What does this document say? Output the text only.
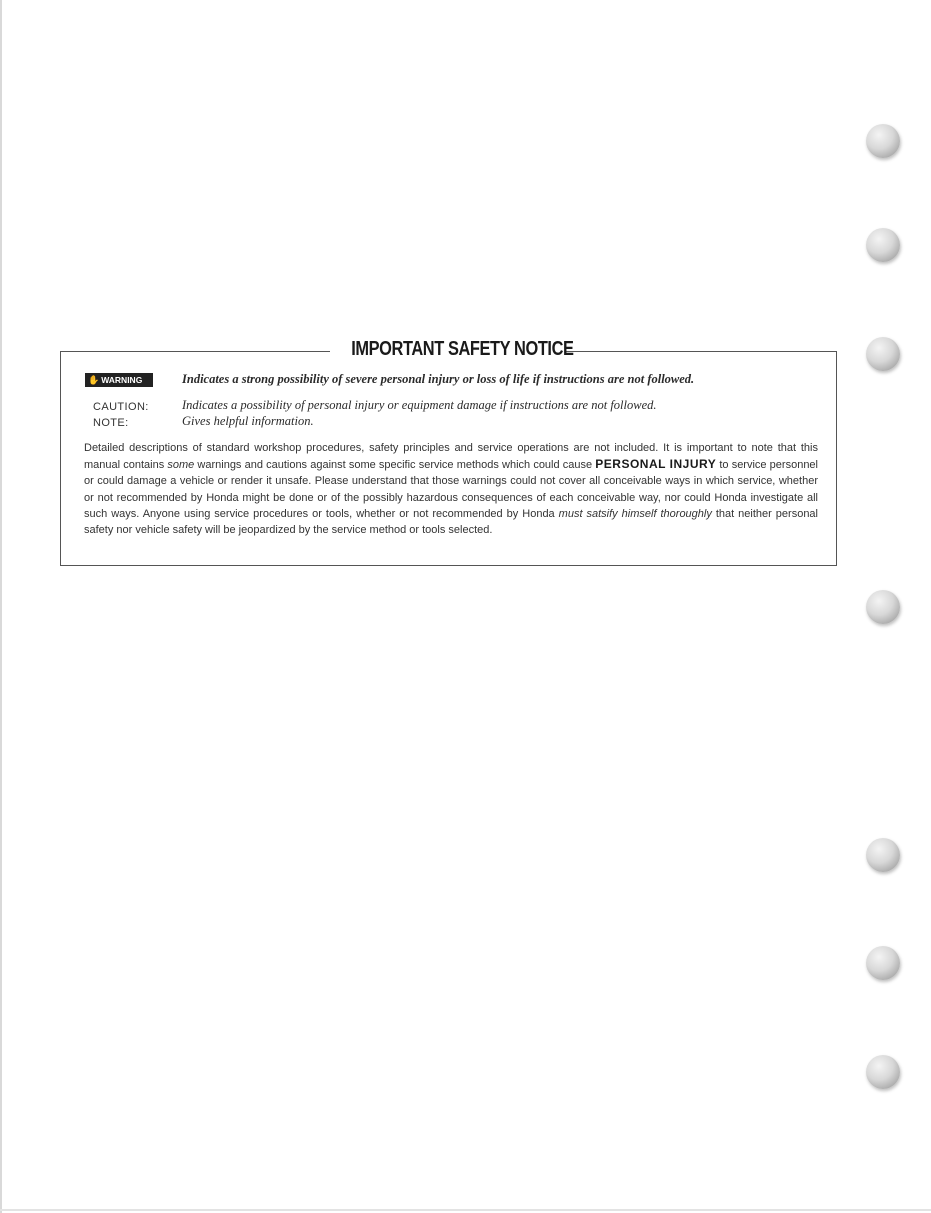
IMPORTANT SAFETY NOTICE
✋ WARNING	Indicates a strong possibility of severe personal injury or loss of life if instructions are not followed.
CAUTION:	Indicates a possibility of personal injury or equipment damage if instructions are not followed.
NOTE:	Gives helpful information.
Detailed descriptions of standard workshop procedures, safety principles and service operations are not included. It is important to note that this manual contains some warnings and cautions against some specific service methods which could cause PERSONAL INJURY to service personnel or could damage a vehicle or render it unsafe. Please understand that those warnings could not cover all conceivable ways in which service, whether or not recommended by Honda might be done or of the possibly hazardous consequences of each conceivable way, nor could Honda investigate all such ways. Anyone using service procedures or tools, whether or not recommended by Honda must satsify himself thoroughly that neither personal safety nor vehicle safety will be jeopardized by the service method or tools selected.
